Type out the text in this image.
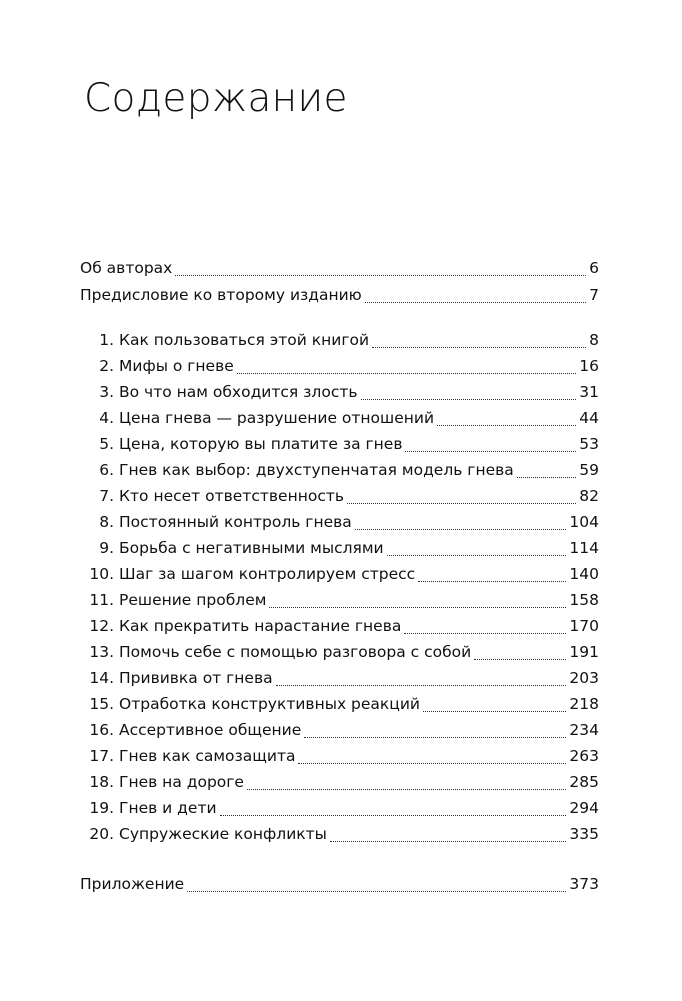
Содержание
Об авторах	6
Предисловие ко второму изданию	7
1. Как пользоваться этой книгой	8
2. Мифы о гневе	16
3. Во что нам обходится злость	31
4. Цена гнева — разрушение отношений	44
5. Цена, которую вы платите за гнев	53
6. Гнев как выбор: двухступенчатая модель гнева	59
7. Кто несет ответственность	82
8. Постоянный контроль гнева	104
9. Борьба с негативными мыслями	114
10. Шаг за шагом контролируем стресс	140
11. Решение проблем	158
12. Как прекратить нарастание гнева	170
13. Помочь себе с помощью разговора с собой	191
14. Прививка от гнева	203
15. Отработка конструктивных реакций	218
16. Ассертивное общение	234
17. Гнев как самозащита	263
18. Гнев на дороге	285
19. Гнев и дети	294
20. Супружеские конфликты	335
Приложение	373
